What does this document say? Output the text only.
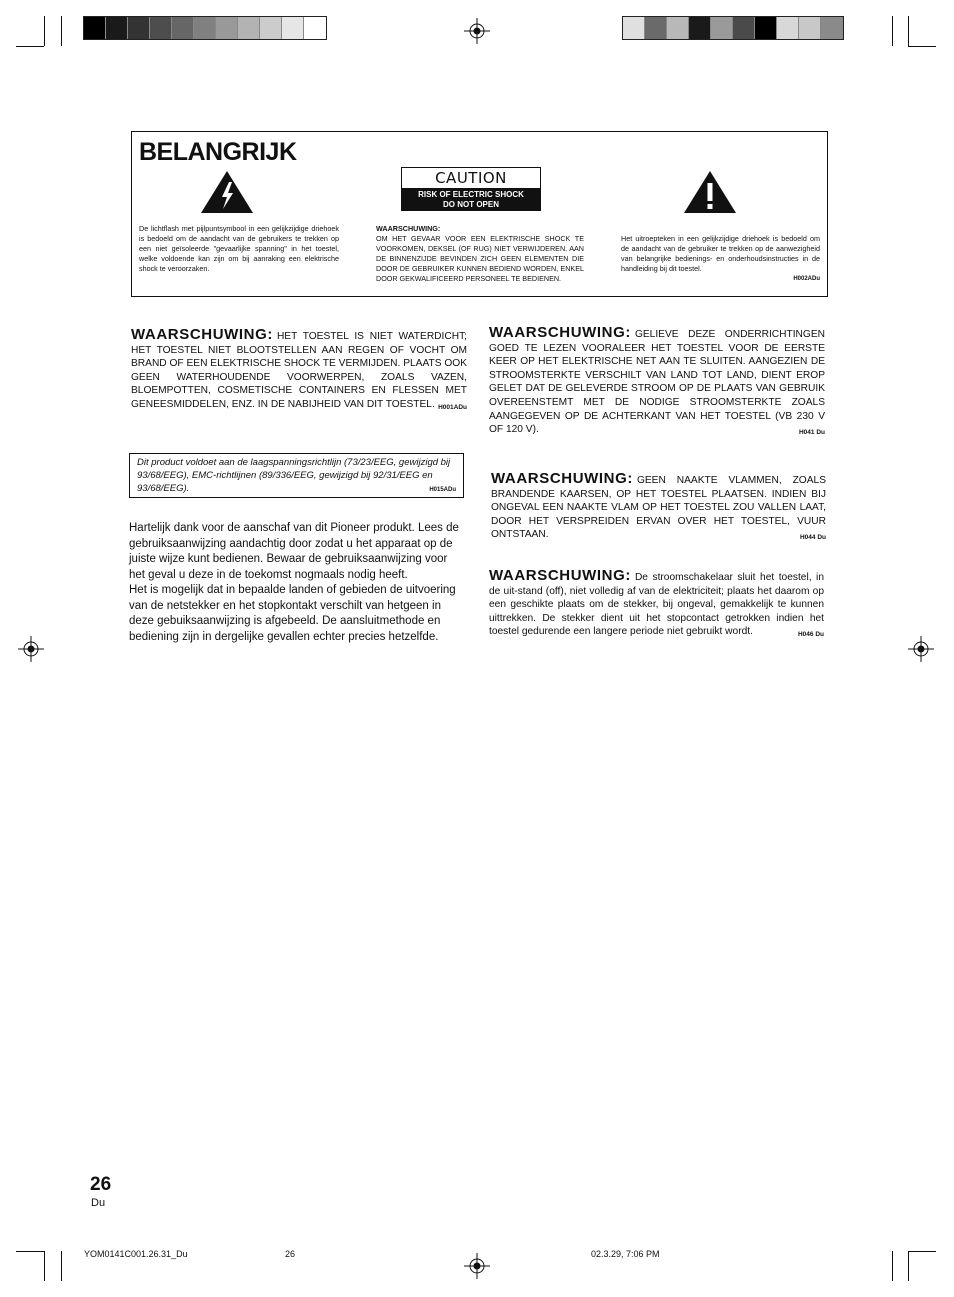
BELANGRIJK
CAUTION
RISK OF ELECTRIC SHOCK
DO NOT OPEN
De lichtflash met pijlpuntsymbool in een gelijkzijdige driehoek is bedoeld om de aandacht van de gebruikers te trekken op een niet geïsoleerde "gevaarlijke spanning" in het toestel, welke voldoende kan zijn om bij aanraking een elektrische shock te veroorzaken.
WAARSCHUWING:
OM HET GEVAAR VOOR EEN ELEKTRISCHE SHOCK TE VOORKOMEN, DEKSEL (OF RUG) NIET VERWIJDEREN. AAN DE BINNENZIJDE BEVINDEN ZICH GEEN ELEMENTEN DIE DOOR DE GEBRUIKER KUNNEN BEDIEND WORDEN, ENKEL DOOR GEKWALIFICEERD PERSONEEL TE BEDIENEN.
Het uitroepteken in een gelijkzijdige driehoek is bedoeld om de aandacht van de gebruiker te trekken op de aanwezigheid van belangrijke bedienings- en onderhoudsinstructies in de handleiding bij dit toestel.
H002ADu
WAARSCHUWING: HET TOESTEL IS NIET WATERDICHT; HET TOESTEL NIET BLOOTSTELLEN AAN REGEN OF VOCHT OM BRAND OF EEN ELEKTRISCHE SHOCK TE VERMIJDEN. PLAATS OOK GEEN WATERHOUDENDE VOORWERPEN, ZOALS VAZEN, BLOEMPOTTEN, COSMETISCHE CONTAINERS EN FLESSEN MET GENEESMIDDELEN, ENZ. IN DE NABIJHEID VAN DIT TOESTEL. H001ADu
Dit product voldoet aan de laagspanningsrichtlijn (73/23/EEG, gewijzigd bij 93/68/EEG), EMC-richtlijnen (89/336/EEG, gewijzigd bij 92/31/EEG en 93/68/EEG).	H015ADu

Hartelijk dank voor de aanschaf van dit Pioneer produkt. Lees de gebruiksaanwijzing aandachtig door zodat u het apparaat op de juiste wijze kunt bedienen. Bewaar de gebruiksaanwijzing voor het geval u deze in de toekomst nogmaals nodig heeft.

Het is mogelijk dat in bepaalde landen of gebieden de uitvoering van de netstekker en het stopkontakt verschilt van hetgeen in deze gebuiksaanwijzing is afgebeeld. De aansluitmethode en bediening zijn in dergelijke gevallen echter precies hetzelfde.

WAARSCHUWING: GELIEVE DEZE ONDERRICHTINGEN GOED TE LEZEN VOORALEER HET TOESTEL VOOR DE EERSTE KEER OP HET ELEKTRISCHE NET AAN TE SLUITEN. AANGEZIEN DE STROOMSTERKTE VERSCHILT VAN LAND TOT LAND, DIENT EROP GELET DAT DE GELEVERDE STROOM OP DE PLAATS VAN GEBRUIK OVEREENSTEMT MET DE NODIGE STROOMSTERKTE ZOALS AANGEGEVEN OP DE ACHTERKANT VAN HET TOESTEL (VB 230 V OF 120 V).	H041 Du
WAARSCHUWING: GEEN NAAKTE VLAMMEN, ZOALS BRANDENDE KAARSEN, OP HET TOESTEL PLAATSEN. INDIEN BIJ ONGEVAL EEN NAAKTE VLAM OP HET TOESTEL ZOU VALLEN LAAT, DOOR HET VERSPREIDEN ERVAN OVER HET TOESTEL, VUUR ONTSTAAN.	H044 Du
WAARSCHUWING: De stroomschakelaar sluit het toestel, in de uit-stand (off), niet volledig af van de elektriciteit; plaats het daarom op een geschikte plaats om de stekker, bij ongeval, gemakkelijk te kunnen uittrekken. De stekker dient uit het stopcontact getrokken indien het toestel gedurende een langere periode niet gebruikt wordt.	H046 Du
26
Du
YOM0141C001.26.31_Du	26	02.3.29, 7:06 PM
